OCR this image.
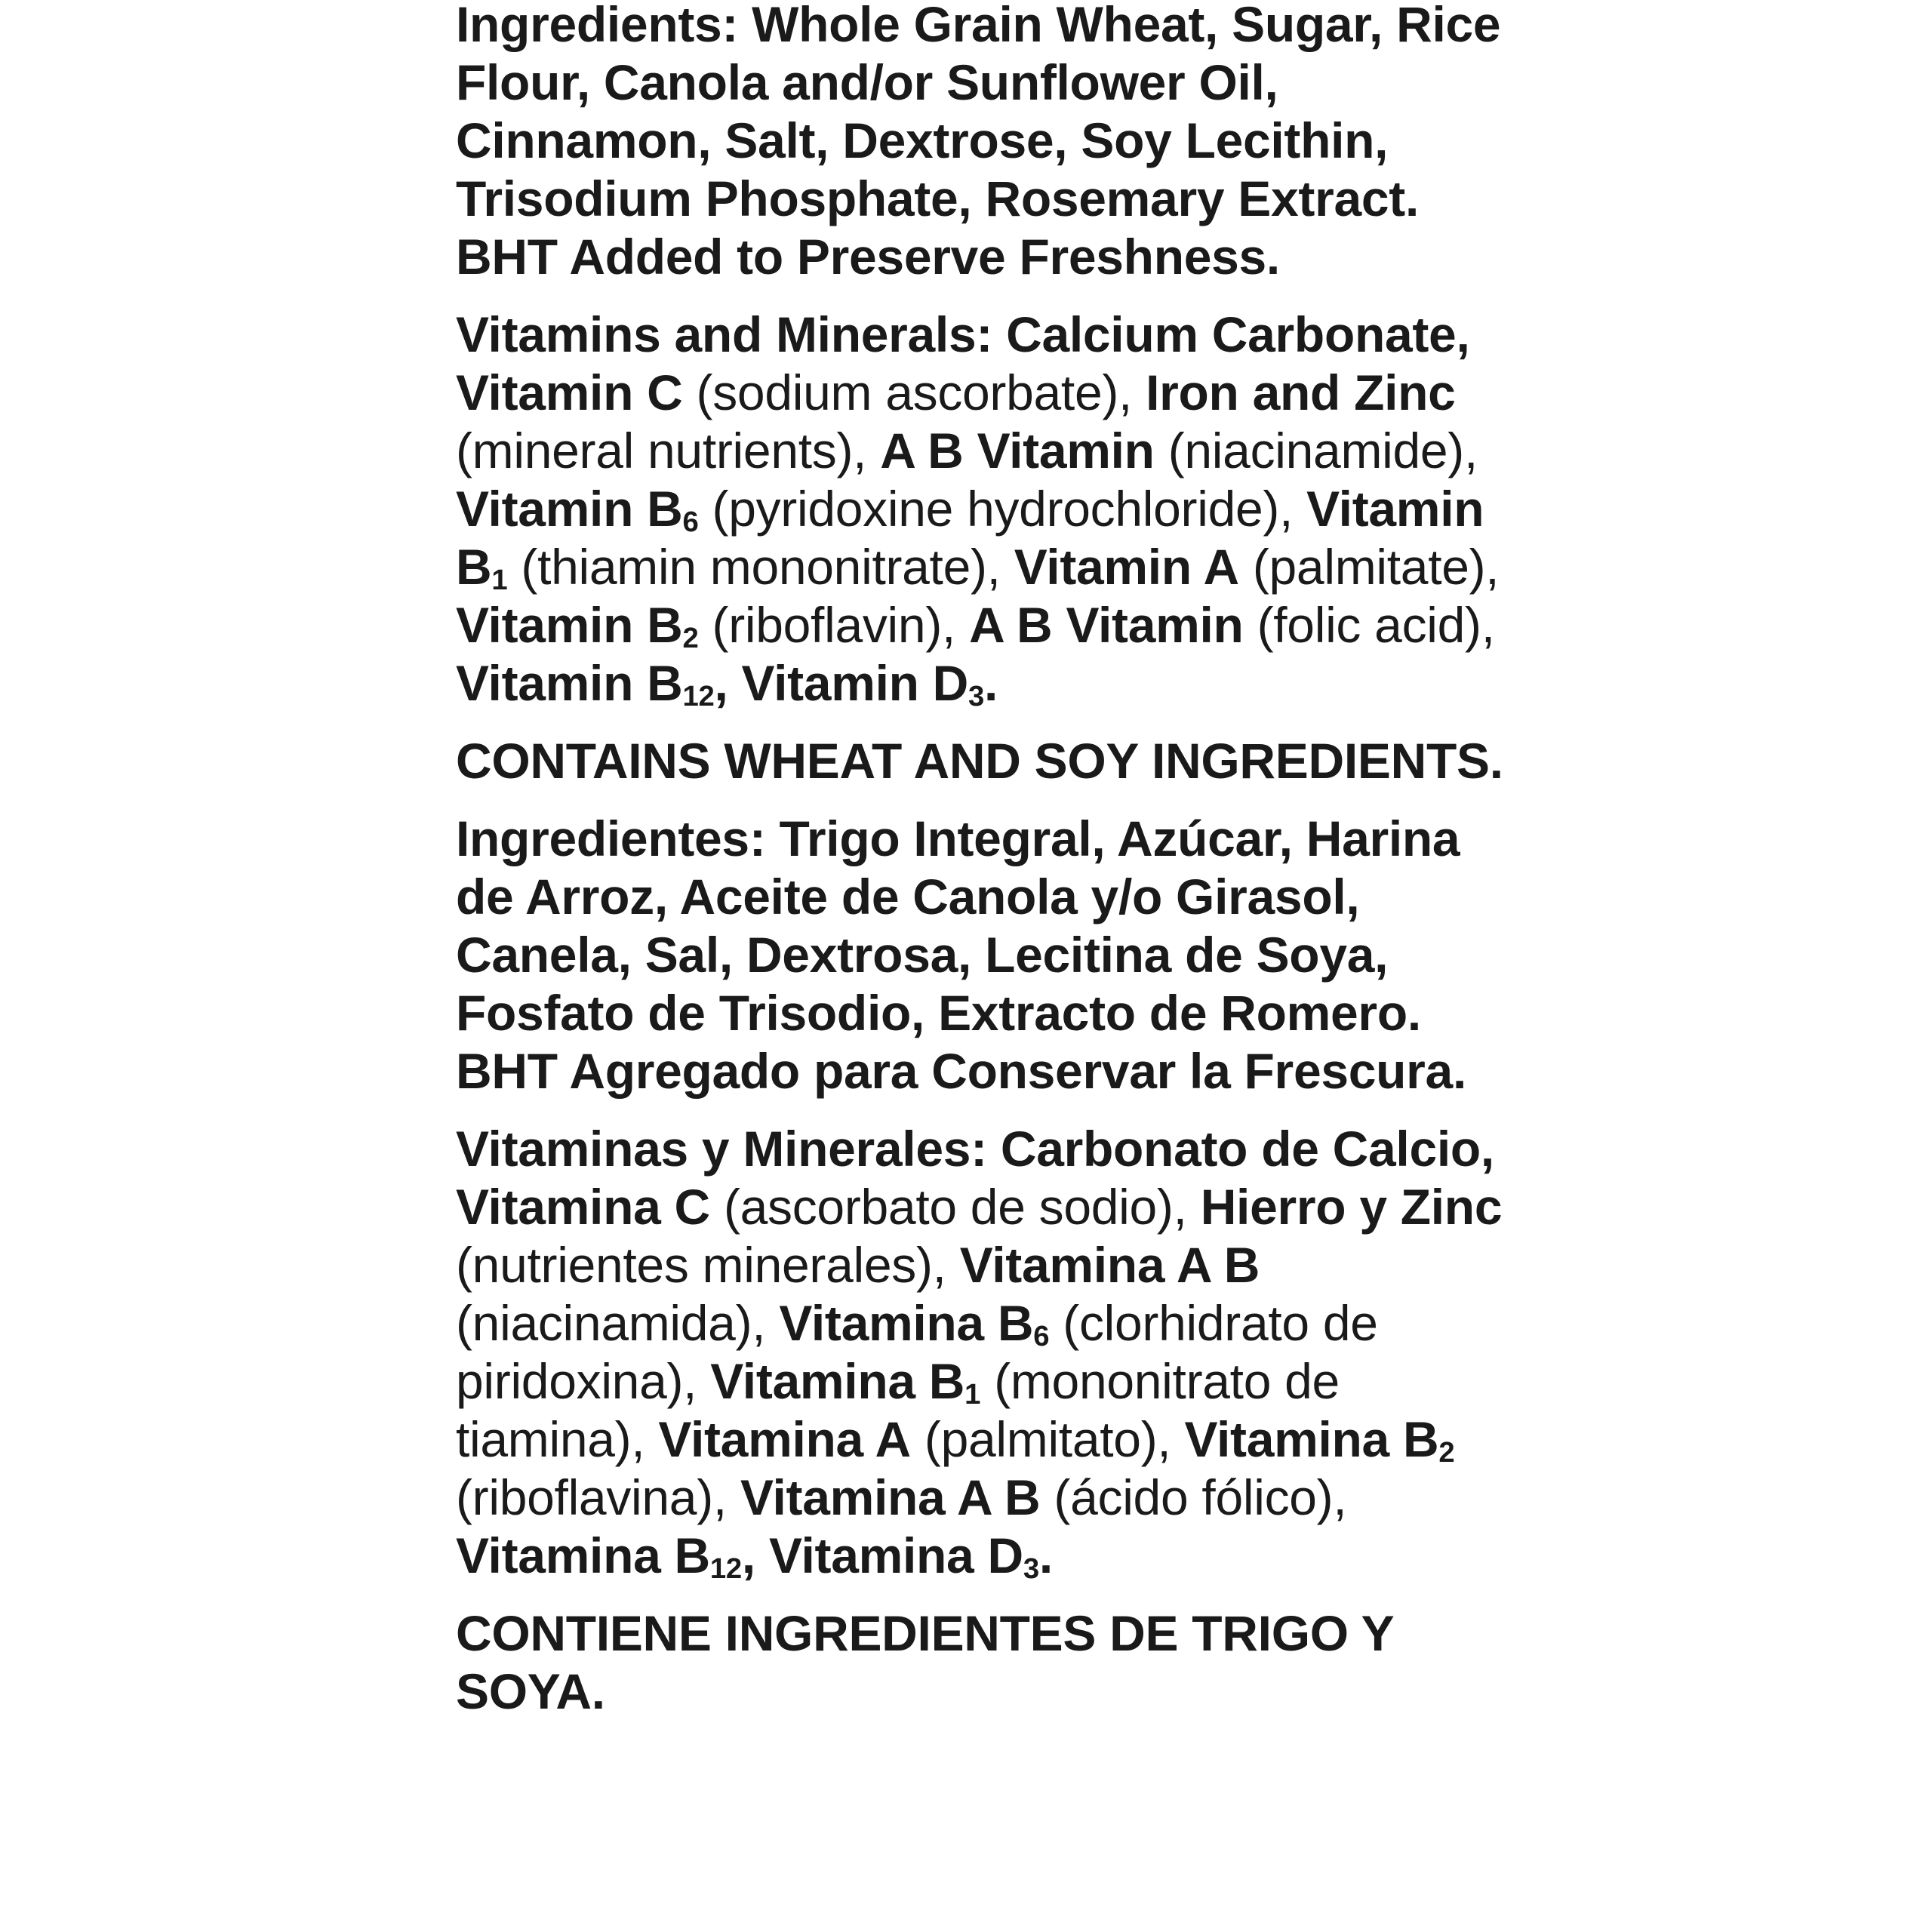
Ingredients: Whole Grain Wheat, Sugar, Rice Flour, Canola and/or Sunflower Oil, Cinnamon, Salt, Dextrose, Soy Lecithin, Trisodium Phosphate, Rosemary Extract. BHT Added to Preserve Freshness.

Vitamins and Minerals: Calcium Carbonate, Vitamin C (sodium ascorbate), Iron and Zinc (mineral nutrients), A B Vitamin (niacinamide), Vitamin $B_6$ (pyridoxine hydrochloride), Vitamin $B_1$ (thiamin mononitrate), Vitamin A (palmitate), Vitamin $B_2$ (riboflavin), A B Vitamin (folic acid), Vitamin $B_{12}$, Vitamin $D_3$.

CONTAINS WHEAT AND SOY INGREDIENTS.

Ingredientes: Trigo Integral, Azúcar, Harina de Arroz, Aceite de Canola y/o Girasol, Canela, Sal, Dextrosa, Lecitina de Soya, Fosfato de Trisodio, Extracto de Romero. BHT Agregado para Conservar la Frescura.

Vitaminas y Minerales: Carbonato de Calcio, Vitamina C (ascorbato de sodio), Hierro y Zinc (nutrientes minerales), Vitamina A B (niacinamida), Vitamina $B_6$ (clorhidrato de piridoxina), Vitamina $B_1$ (mononitrato de tiamina), Vitamina A (palmitato), Vitamina $B_2$ (riboflavina), Vitamina A B (ácido fólico), Vitamina $B_{12}$, Vitamina $D_3$.

CONTIENE INGREDIENTES DE TRIGO Y SOYA.
